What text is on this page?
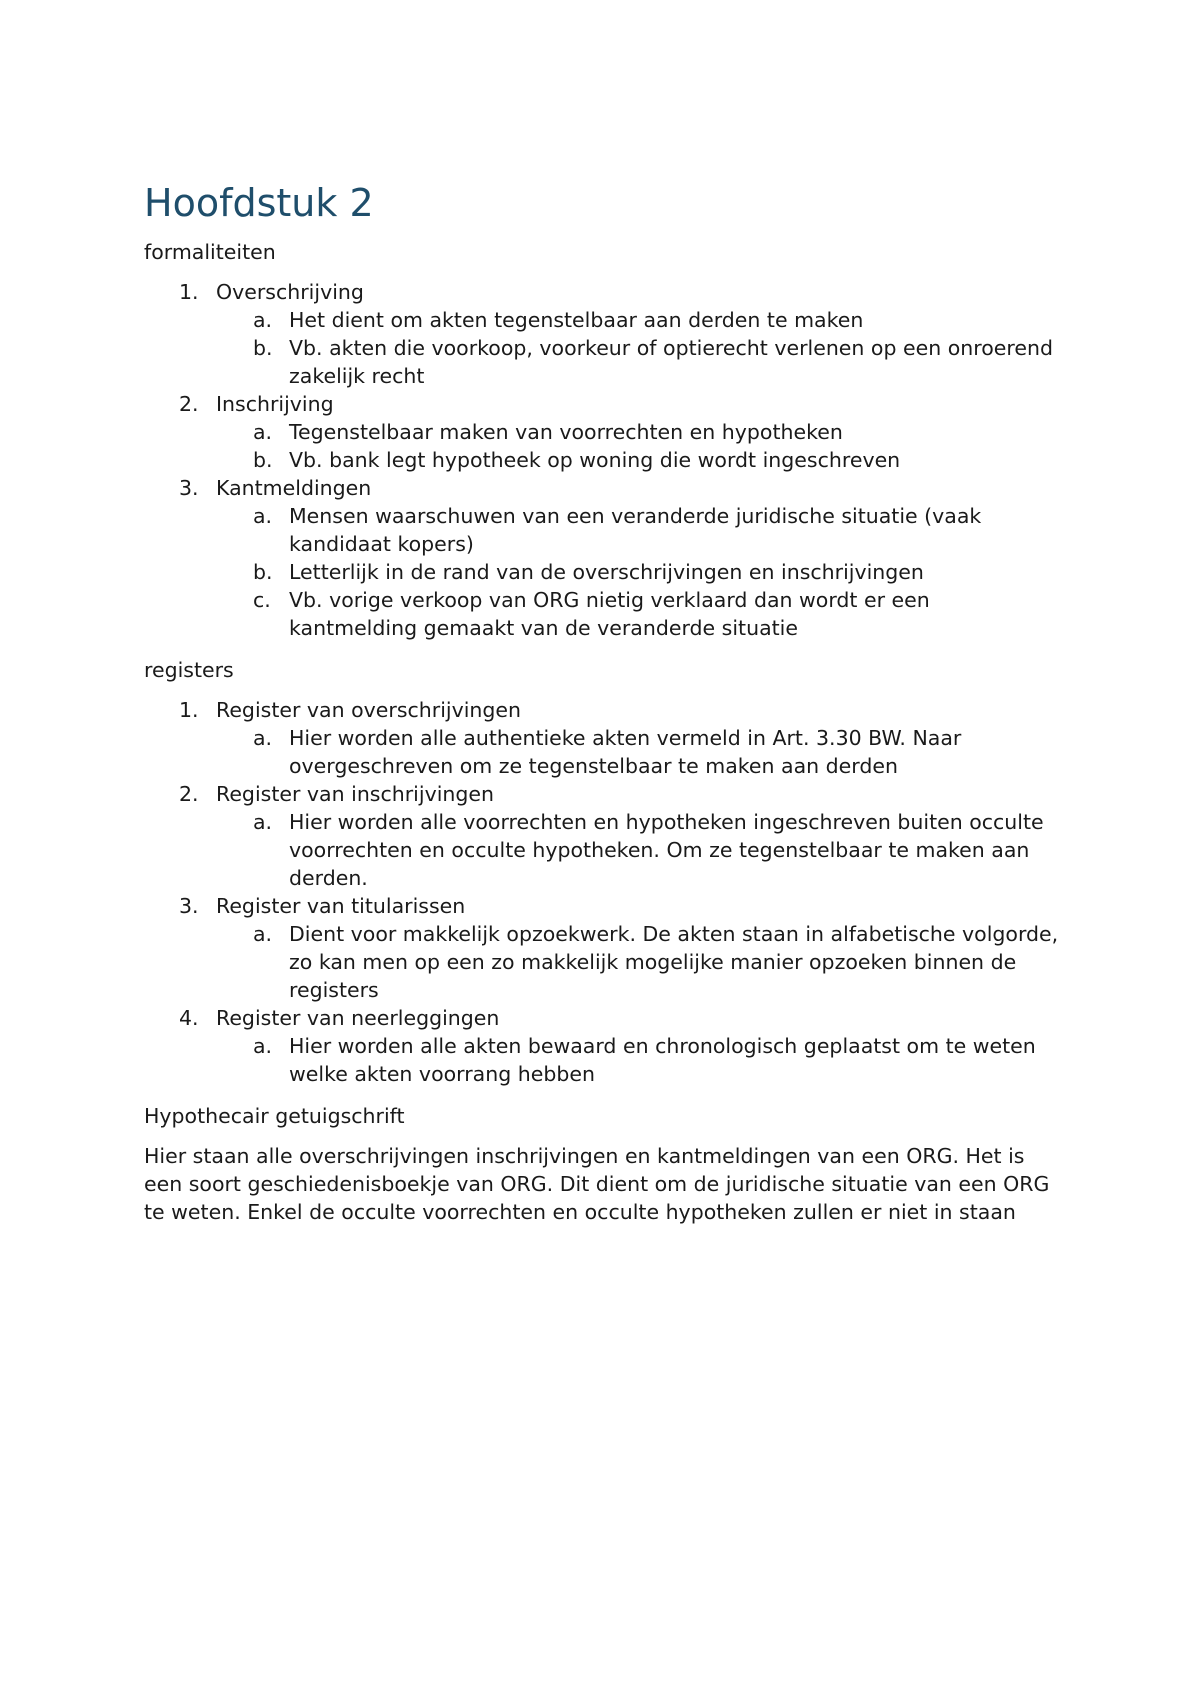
Hoofdstuk 2

formaliteiten

1. Overschrijving
a. Het dient om akten tegenstelbaar aan derden te maken
b. Vb. akten die voorkoop, voorkeur of optierecht verlenen op een onroerend zakelijk recht
2. Inschrijving
a. Tegenstelbaar maken van voorrechten en hypotheken
b. Vb. bank legt hypotheek op woning die wordt ingeschreven
3. Kantmeldingen
a. Mensen waarschuwen van een veranderde juridische situatie (vaak kandidaat kopers)
b. Letterlijk in de rand van de overschrijvingen en inschrijvingen
c. Vb. vorige verkoop van ORG nietig verklaard dan wordt er een kantmelding gemaakt van de veranderde situatie

registers

1. Register van overschrijvingen
a. Hier worden alle authentieke akten vermeld in Art. 3.30 BW. Naar overgeschreven om ze tegenstelbaar te maken aan derden
2. Register van inschrijvingen
a. Hier worden alle voorrechten en hypotheken ingeschreven buiten occulte voorrechten en occulte hypotheken. Om ze tegenstelbaar te maken aan derden.
3. Register van titularissen
a. Dient voor makkelijk opzoekwerk. De akten staan in alfabetische volgorde, zo kan men op een zo makkelijk mogelijke manier opzoeken binnen de registers
4. Register van neerleggingen
a. Hier worden alle akten bewaard en chronologisch geplaatst om te weten welke akten voorrang hebben

Hypothecair getuigschrift

Hier staan alle overschrijvingen inschrijvingen en kantmeldingen van een ORG. Het is een soort geschiedenisboekje van ORG. Dit dient om de juridische situatie van een ORG te weten. Enkel de occulte voorrechten en occulte hypotheken zullen er niet in staan
